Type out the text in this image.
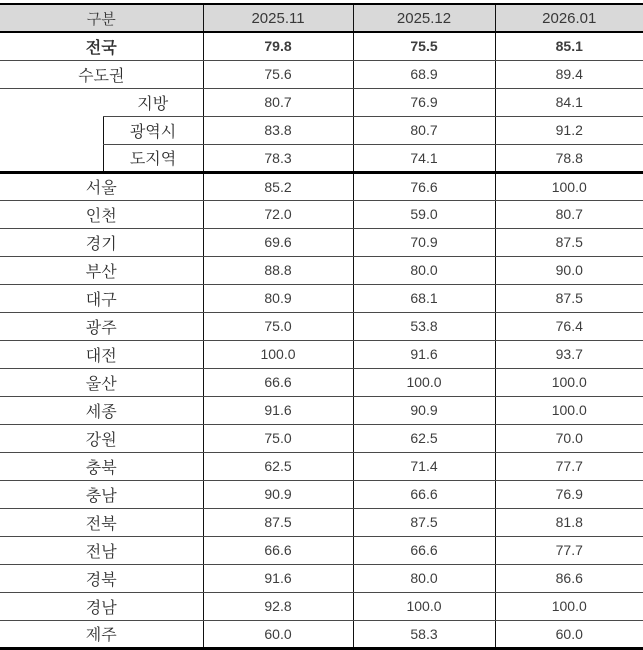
구분		2025.11	2025.12	2026.01
전국		79.8	75.5	85.1
수도권		75.6	68.9	89.4
	지방	80.7	76.9	84.1
	광역시	83.8	80.7	91.2
	도지역	78.3	74.1	78.8
서울		85.2	76.6	100.0
인천		72.0	59.0	80.7
경기		69.6	70.9	87.5
부산		88.8	80.0	90.0
대구		80.9	68.1	87.5
광주		75.0	53.8	76.4
대전		100.0	91.6	93.7
울산		66.6	100.0	100.0
세종		91.6	90.9	100.0
강원		75.0	62.5	70.0
충북		62.5	71.4	77.7
충남		90.9	66.6	76.9
전북		87.5	87.5	81.8
전남		66.6	66.6	77.7
경북		91.6	80.0	86.6
경남		92.8	100.0	100.0
제주		60.0	58.3	60.0
